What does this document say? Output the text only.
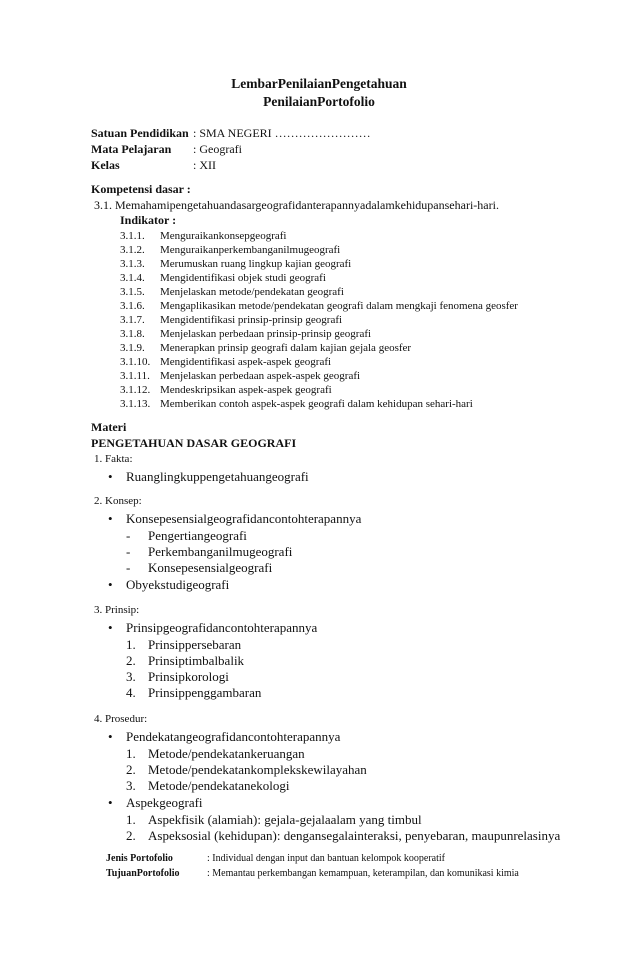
LembarPenilaianPengetahuan
PenilaianPortofolio
Satuan Pendidikan : SMA NEGERI ……………………
Mata Pelajaran : Geografi
Kelas	: XII
Kompetensi dasar :
3.1. Memahamipengetahuandasargeografidanterapannyadalamkehidupansehari-hari.
Indikator :
3.1.1. Menguraikankonsepgeografi
3.1.2. Menguraikanperkembanganilmugeografi
3.1.3. Merumuskan ruang lingkup kajian geografi
3.1.4. Mengidentifikasi objek studi geografi
3.1.5. Menjelaskan metode/pendekatan geografi
3.1.6. Mengaplikasikan metode/pendekatan geografi dalam mengkaji fenomena geosfer
3.1.7. Mengidentifikasi prinsip-prinsip geografi
3.1.8. Menjelaskan perbedaan prinsip-prinsip geografi
3.1.9. Menerapkan prinsip geografi dalam kajian gejala geosfer
3.1.10. Mengidentifikasi aspek-aspek geografi
3.1.11. Menjelaskan perbedaan aspek-aspek geografi
3.1.12. Mendeskripsikan aspek-aspek geografi
3.1.13. Memberikan contoh aspek-aspek geografi dalam kehidupan sehari-hari
Materi
PENGETAHUAN DASAR GEOGRAFI
1. Fakta:
• Ruanglingkuppengetahuangeografi
2. Konsep:
• Konsepesensialgeografidancontohterapannya
- Pengertiangeografi
- Perkembanganilmugeografi
- Konsepesensialgeografi
• Obyekstudigeografi
3. Prinsip:
• Prinsipgeografidancontohterapannya
1. Prinsippersebaran
2. Prinsiptimbalbalik
3. Prinsipkorologi
4. Prinsippenggambaran
4. Prosedur:
• Pendekatangeografidancontohterapannya
1. Metode/pendekatankeruangan
2. Metode/pendekatankomplekskewilayahan
3. Metode/pendekatanekologi
• Aspekgeografi
1. Aspekfisik (alamiah): gejala-gejalaalam yang timbul
2. Aspeksosial (kehidupan): dengansegalainteraksi, penyebaran, maupunrelasinya
Jenis Portofolio	: Individual dengan input dan bantuan kelompok kooperatif
TujuanPortofolio	: Memantau perkembangan kemampuan, keterampilan, dan komunikasi kimia
